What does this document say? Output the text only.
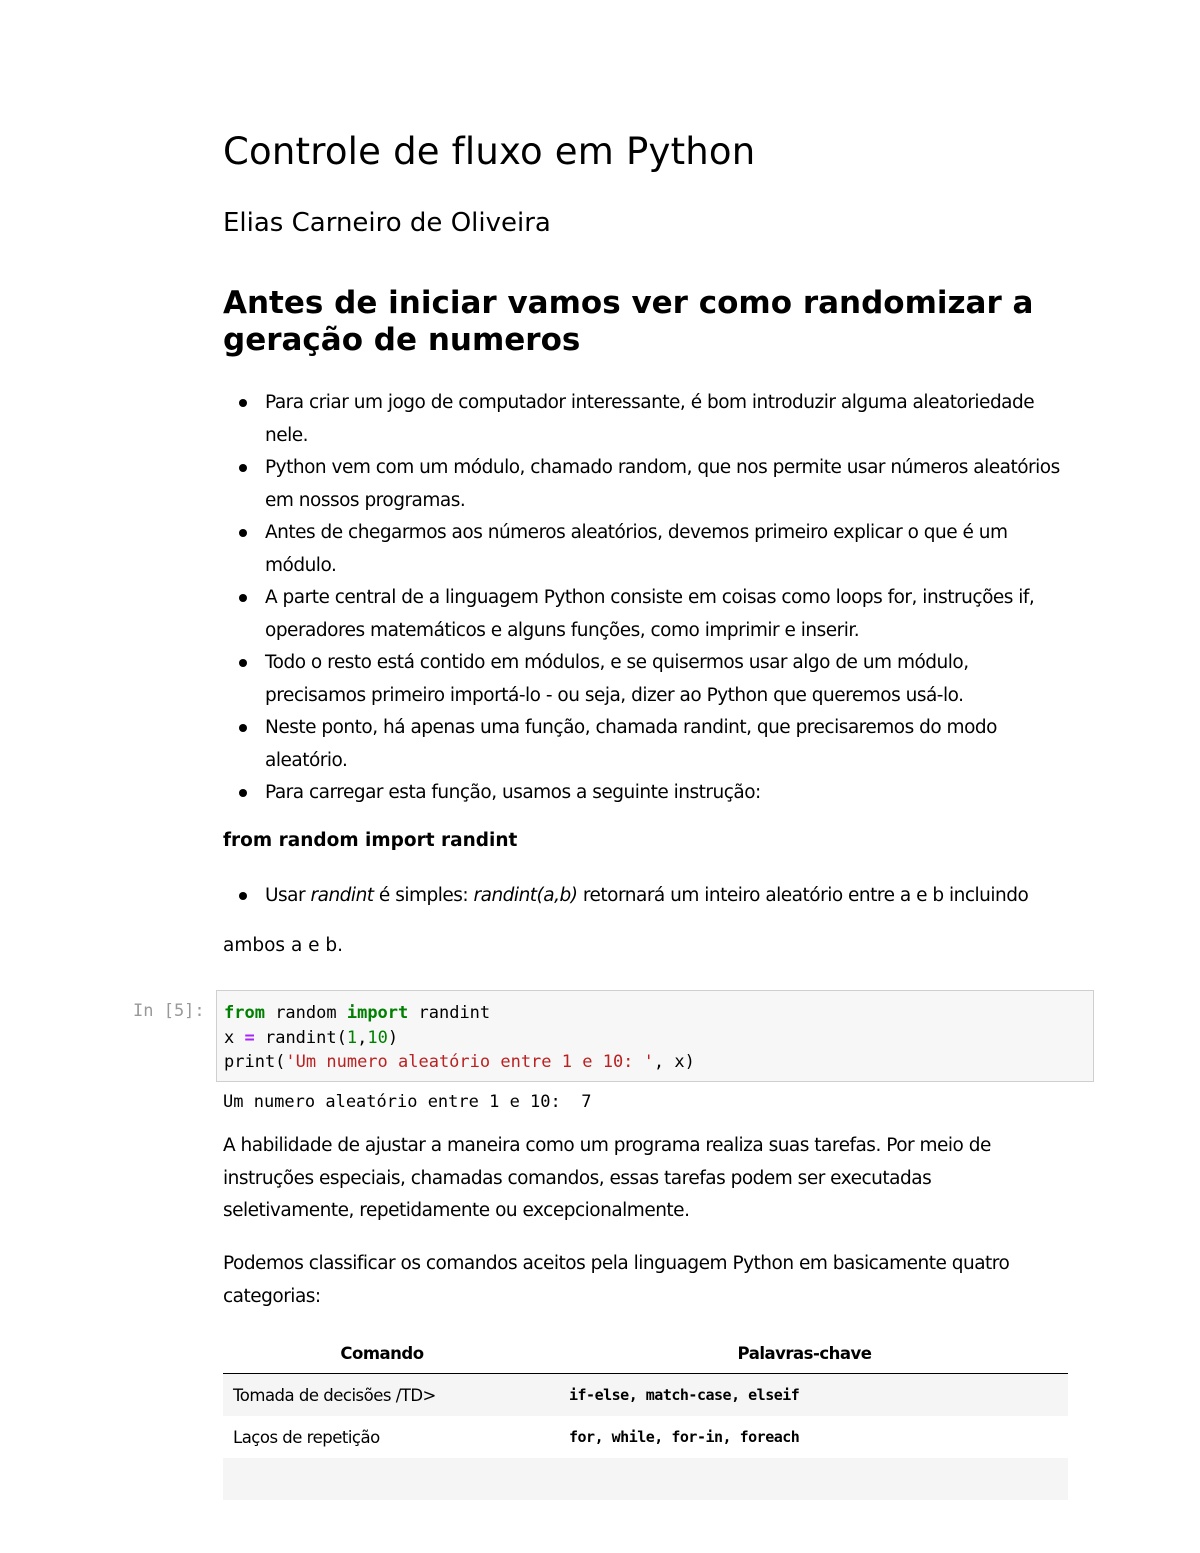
Controle de fluxo em Python
Elias Carneiro de Oliveira
Antes de iniciar vamos ver como randomizar a geração de numeros
Para criar um jogo de computador interessante, é bom introduzir alguma aleatoriedade nele.
Python vem com um módulo, chamado random, que nos permite usar números aleatórios em nossos programas.
Antes de chegarmos aos números aleatórios, devemos primeiro explicar o que é um módulo.
A parte central de a linguagem Python consiste em coisas como loops for, instruções if, operadores matemáticos e alguns funções, como imprimir e inserir.
Todo o resto está contido em módulos, e se quisermos usar algo de um módulo, precisamos primeiro importá-lo - ou seja, dizer ao Python que queremos usá-lo.
Neste ponto, há apenas uma função, chamada randint, que precisaremos do modo aleatório.
Para carregar esta função, usamos a seguinte instrução:

from random import randint

Usar randint é simples: randint(a,b) retornará um inteiro aleatório entre a e b incluindo

ambos a e b.

A habilidade de ajustar a maneira como um programa realiza suas tarefas. Por meio de instruções especiais, chamadas comandos, essas tarefas podem ser executadas seletivamente, repetidamente ou excepcionalmente.

Podemos classificar os comandos aceitos pela linguagem Python em basicamente quatro categorias:

Comando	Palavras-chave
Tomada de decisões /TD>	if-else, match-case, elseif
Laços de repetição	for, while, for-in, foreach

In [5]: from random import randint
x = randint(1,10)
print('Um numero aleatório entre 1 e 10: ', x)
Um numero aleatório entre 1 e 10:  7
